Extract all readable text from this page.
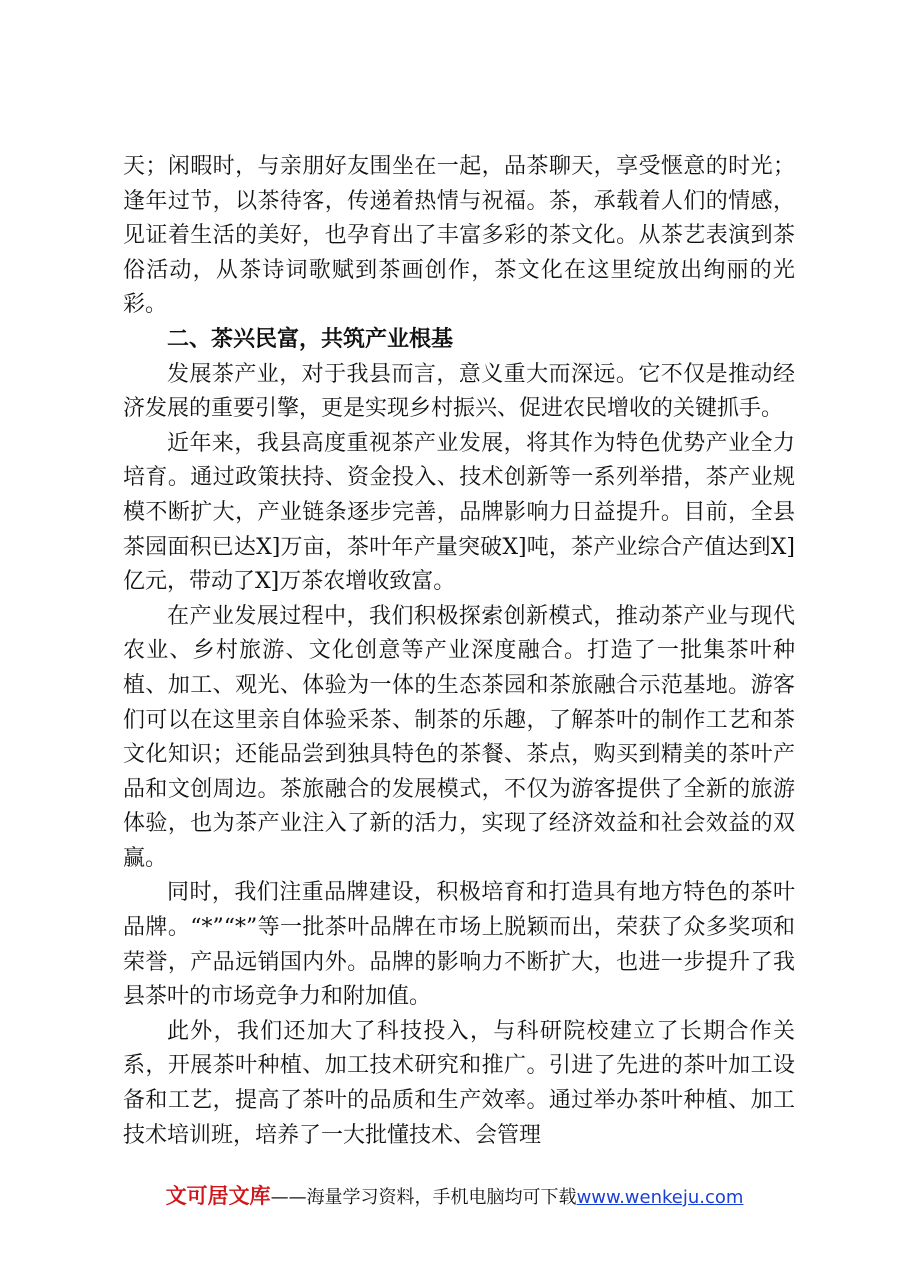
天；闲暇时，与亲朋好友围坐在一起，品茶聊天，享受惬意的时光；逢年过节，以茶待客，传递着热情与祝福。茶，承载着人们的情感，见证着生活的美好，也孕育出了丰富多彩的茶文化。从茶艺表演到茶俗活动，从茶诗词歌赋到茶画创作，茶文化在这里绽放出绚丽的光彩。

二、茶兴民富，共筑产业根基

发展茶产业，对于我县而言，意义重大而深远。它不仅是推动经济发展的重要引擎，更是实现乡村振兴、促进农民增收的关键抓手。

近年来，我县高度重视茶产业发展，将其作为特色优势产业全力培育。通过政策扶持、资金投入、技术创新等一系列举措，茶产业规模不断扩大，产业链条逐步完善，品牌影响力日益提升。目前，全县茶园面积已达X]万亩，茶叶年产量突破X]吨，茶产业综合产值达到X]亿元，带动了X]万茶农增收致富。

在产业发展过程中，我们积极探索创新模式，推动茶产业与现代农业、乡村旅游、文化创意等产业深度融合。打造了一批集茶叶种植、加工、观光、体验为一体的生态茶园和茶旅融合示范基地。游客们可以在这里亲自体验采茶、制茶的乐趣，了解茶叶的制作工艺和茶文化知识；还能品尝到独具特色的茶餐、茶点，购买到精美的茶叶产品和文创周边。茶旅融合的发展模式，不仅为游客提供了全新的旅游体验，也为茶产业注入了新的活力，实现了经济效益和社会效益的双赢。

同时，我们注重品牌建设，积极培育和打造具有地方特色的茶叶品牌。“*”“*”等一批茶叶品牌在市场上脱颖而出，荣获了众多奖项和荣誉，产品远销国内外。品牌的影响力不断扩大，也进一步提升了我县茶叶的市场竞争力和附加值。

此外，我们还加大了科技投入，与科研院校建立了长期合作关系，开展茶叶种植、加工技术研究和推广。引进了先进的茶叶加工设备和工艺，提高了茶叶的品质和生产效率。通过举办茶叶种植、加工技术培训班，培养了一大批懂技术、会管理

文可居文库——海量学习资料，手机电脑均可下载www.wenkeju.com
